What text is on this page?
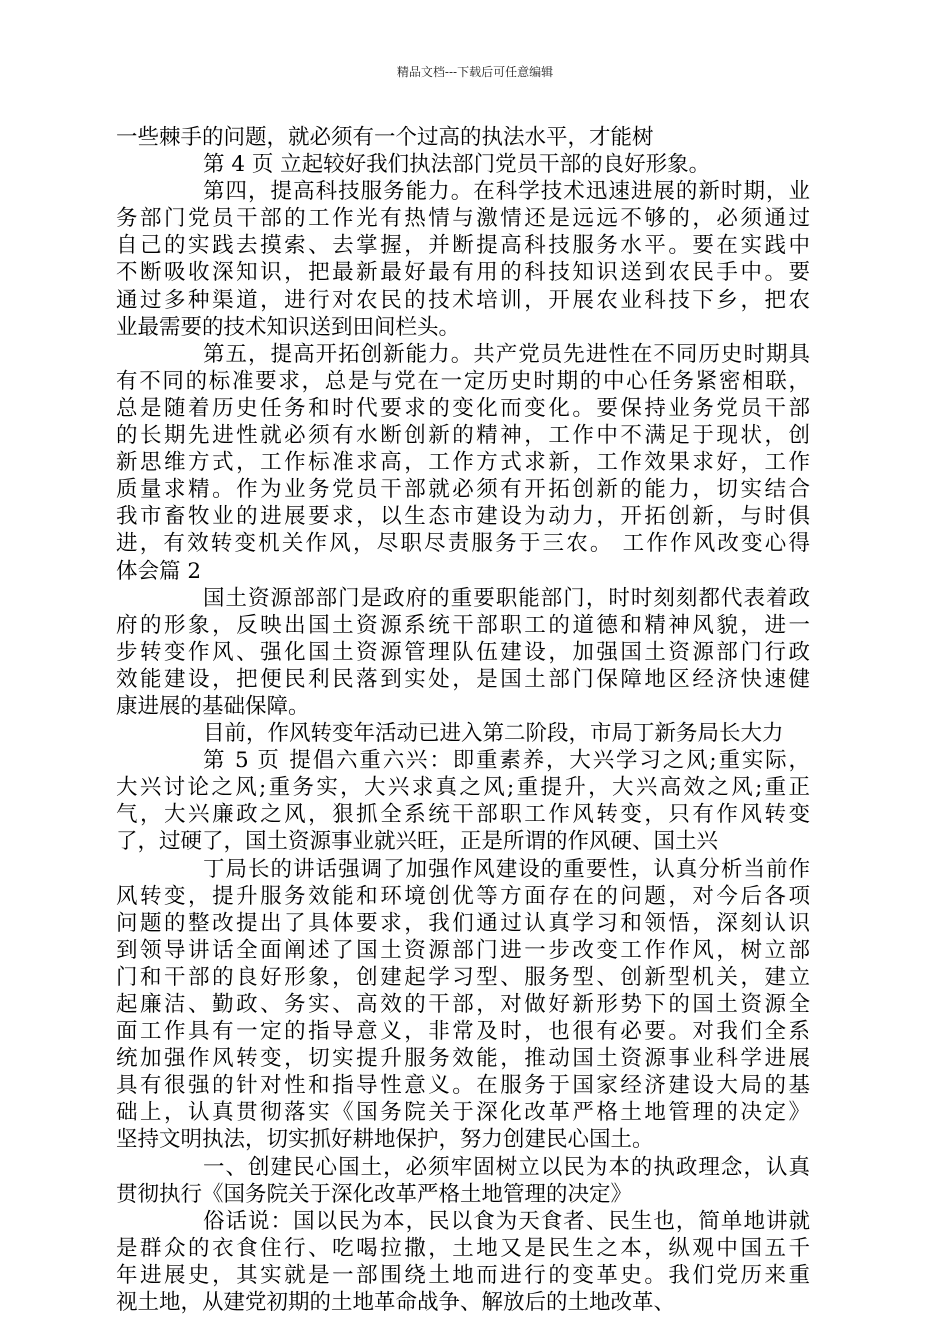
精品文档---下载后可任意编辑
一些棘手的问题，就必须有一个过高的执法水平，才能树
第 4 页 立起较好我们执法部门党员干部的良好形象。
第四，提高科技服务能力。在科学技术迅速进展的新时期，业
务部门党员干部的工作光有热情与激情还是远远不够的，必须通过
自己的实践去摸索、去掌握，并断提高科技服务水平。要在实践中
不断吸收深知识，把最新最好最有用的科技知识送到农民手中。要
通过多种渠道，进行对农民的技术培训，开展农业科技下乡，把农
业最需要的技术知识送到田间栏头。
第五，提高开拓创新能力。共产党员先进性在不同历史时期具
有不同的标准要求，总是与党在一定历史时期的中心任务紧密相联，
总是随着历史任务和时代要求的变化而变化。要保持业务党员干部
的长期先进性就必须有水断创新的精神，工作中不满足于现状，创
新思维方式，工作标准求高，工作方式求新，工作效果求好，工作
质量求精。作为业务党员干部就必须有开拓创新的能力，切实结合
我市畜牧业的进展要求，以生态市建设为动力，开拓创新，与时俱
进，有效转变机关作风，尽职尽责服务于三农。 工作作风改变心得
体会篇 2
国土资源部部门是政府的重要职能部门，时时刻刻都代表着政
府的形象，反映出国土资源系统干部职工的道德和精神风貌，进一
步转变作风、强化国土资源管理队伍建设，加强国土资源部门行政
效能建设，把便民利民落到实处，是国土部门保障地区经济快速健
康进展的基础保障。
目前，作风转变年活动已进入第二阶段，市局丁新务局长大力
第 5 页 提倡六重六兴：即重素养，大兴学习之风;重实际，
大兴讨论之风;重务实，大兴求真之风;重提升，大兴高效之风;重正
气，大兴廉政之风，狠抓全系统干部职工作风转变，只有作风转变
了，过硬了，国土资源事业就兴旺，正是所谓的作风硬、国土兴
丁局长的讲话强调了加强作风建设的重要性，认真分析当前作
风转变，提升服务效能和环境创优等方面存在的问题，对今后各项
问题的整改提出了具体要求，我们通过认真学习和领悟，深刻认识
到领导讲话全面阐述了国土资源部门进一步改变工作作风，树立部
门和干部的良好形象，创建起学习型、服务型、创新型机关，建立
起廉洁、勤政、务实、高效的干部，对做好新形势下的国土资源全
面工作具有一定的指导意义，非常及时，也很有必要。对我们全系
统加强作风转变，切实提升服务效能，推动国土资源事业科学进展
具有很强的针对性和指导性意义。在服务于国家经济建设大局的基
础上，认真贯彻落实《国务院关于深化改革严格土地管理的决定》
坚持文明执法，切实抓好耕地保护，努力创建民心国土。
一、创建民心国土，必须牢固树立以民为本的执政理念，认真
贯彻执行《国务院关于深化改革严格土地管理的决定》
俗话说：国以民为本，民以食为天食者、民生也，简单地讲就
是群众的衣食住行、吃喝拉撒，土地又是民生之本，纵观中国五千
年进展史，其实就是一部围绕土地而进行的变革史。我们党历来重
视土地，从建党初期的土地革命战争、解放后的土地改革、
